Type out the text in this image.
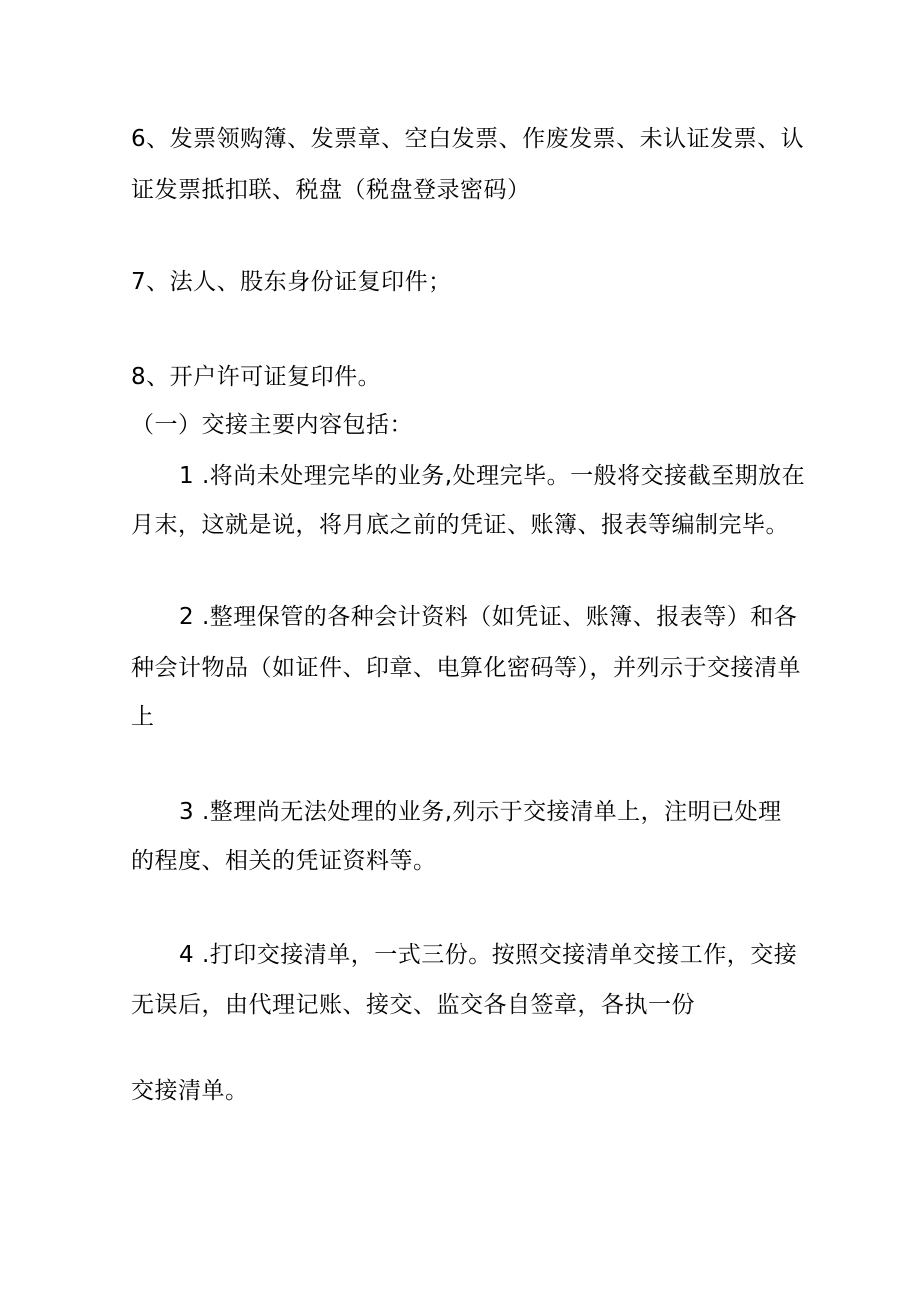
6、发票领购簿、发票章、空白发票、作废发票、未认证发票、认
证发票抵扣联、税盘（税盘登录密码）
7、法人、股东身份证复印件；
8、开户许可证复印件。
（一）交接主要内容包括：
1 .将尚未处理完毕的业务,处理完毕。一般将交接截至期放在
月末，这就是说，将月底之前的凭证、账簿、报表等编制完毕。
2 .整理保管的各种会计资料（如凭证、账簿、报表等）和各
种会计物品（如证件、印章、电算化密码等），并列示于交接清单
上
3 .整理尚无法处理的业务,列示于交接清单上，注明已处理
的程度、相关的凭证资料等。
4 .打印交接清单，一式三份。按照交接清单交接工作，交接
无误后，由代理记账、接交、监交各自签章，各执一份
交接清单。
